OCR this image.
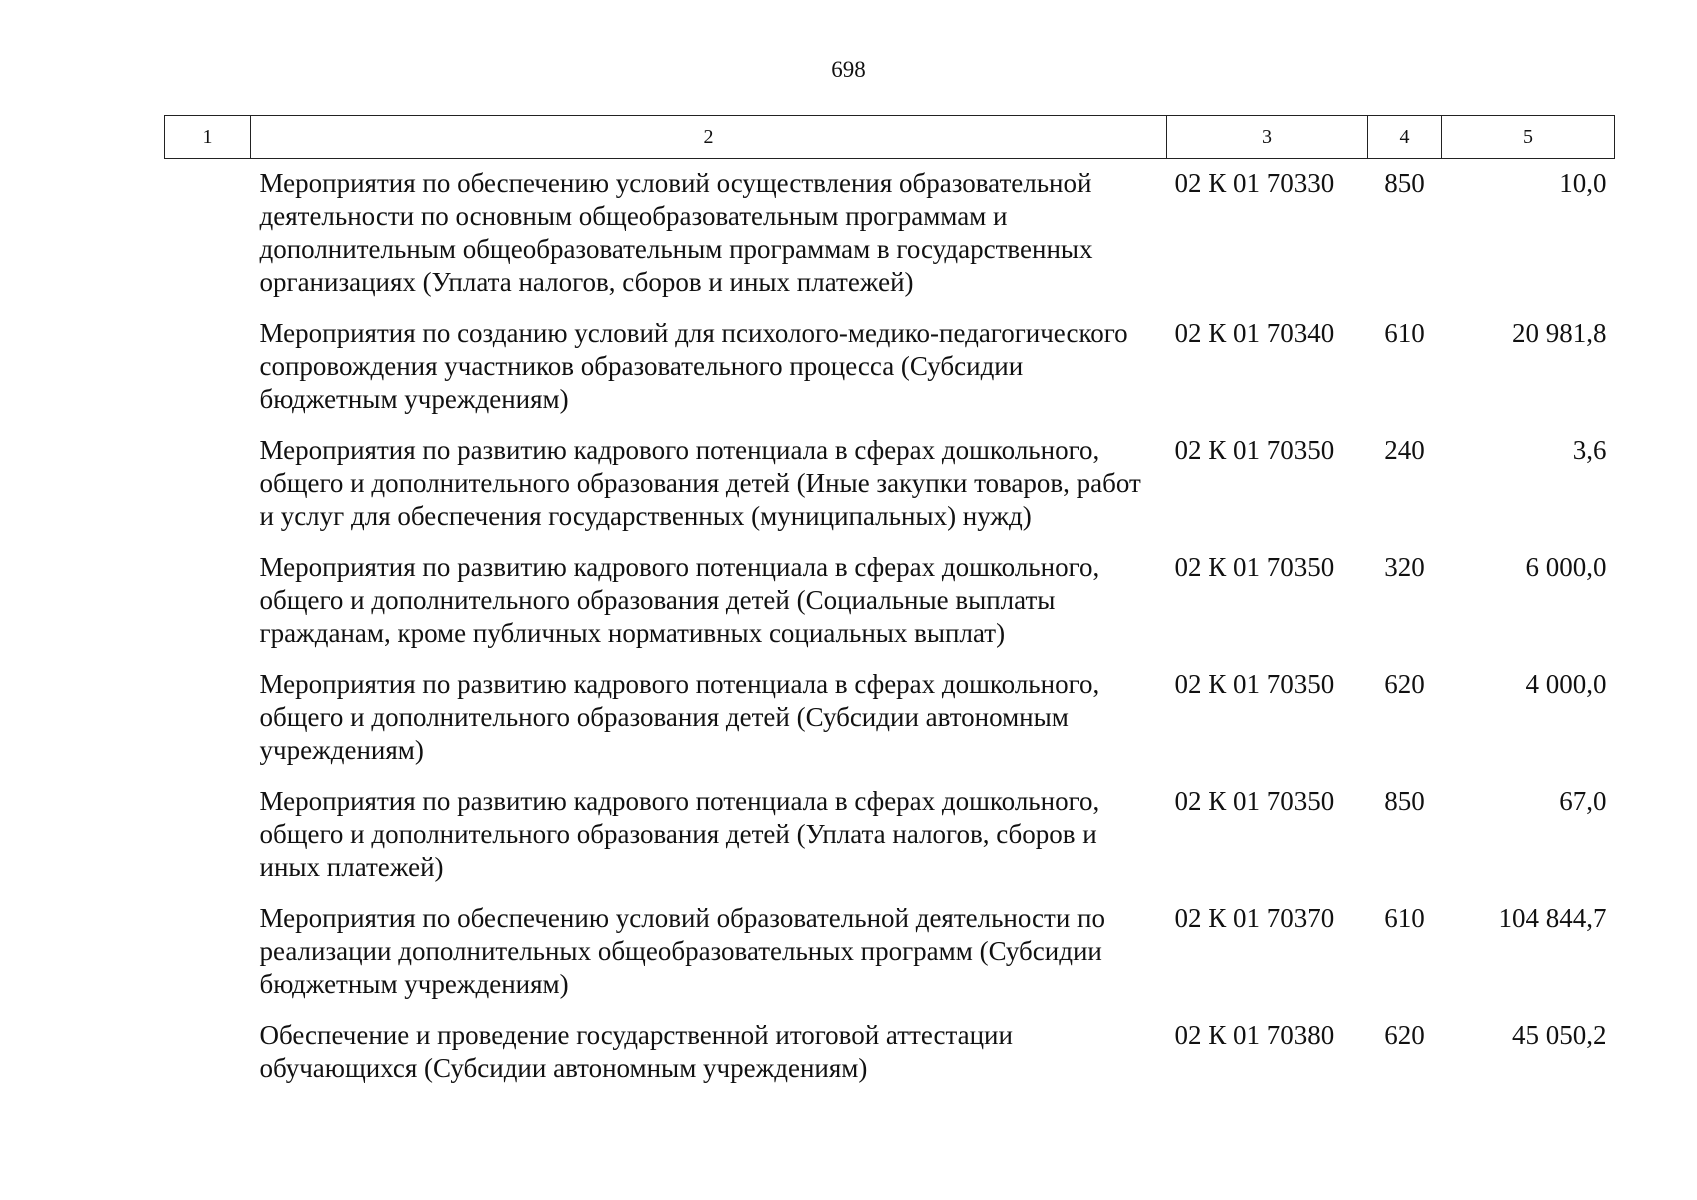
698
1	2	3	4	5
	Мероприятия по обеспечению условий осуществления образовательной деятельности по основным общеобразовательным программам и дополнительным общеобразовательным программам в государственных организациях (Уплата налогов, сборов и иных платежей)	02 К 01 70330	850	10,0
	Мероприятия по созданию условий для психолого-медико-педагогического сопровождения участников образовательного процесса (Субсидии бюджетным учреждениям)	02 К 01 70340	610	20 981,8
	Мероприятия по развитию кадрового потенциала в сферах дошкольного, общего и дополнительного образования детей (Иные закупки товаров, работ и услуг для обеспечения государственных (муниципальных) нужд)	02 К 01 70350	240	3,6
	Мероприятия по развитию кадрового потенциала в сферах дошкольного, общего и дополнительного образования детей (Социальные выплаты гражданам, кроме публичных нормативных социальных выплат)	02 К 01 70350	320	6 000,0
	Мероприятия по развитию кадрового потенциала в сферах дошкольного, общего и дополнительного образования детей (Субсидии автономным учреждениям)	02 К 01 70350	620	4 000,0
	Мероприятия по развитию кадрового потенциала в сферах дошкольного, общего и дополнительного образования детей (Уплата налогов, сборов и иных платежей)	02 К 01 70350	850	67,0
	Мероприятия по обеспечению условий образовательной деятельности по реализации дополнительных общеобразовательных программ (Субсидии бюджетным учреждениям)	02 К 01 70370	610	104 844,7
	Обеспечение и проведение государственной итоговой аттестации обучающихся (Субсидии автономным учреждениям)	02 К 01 70380	620	45 050,2
